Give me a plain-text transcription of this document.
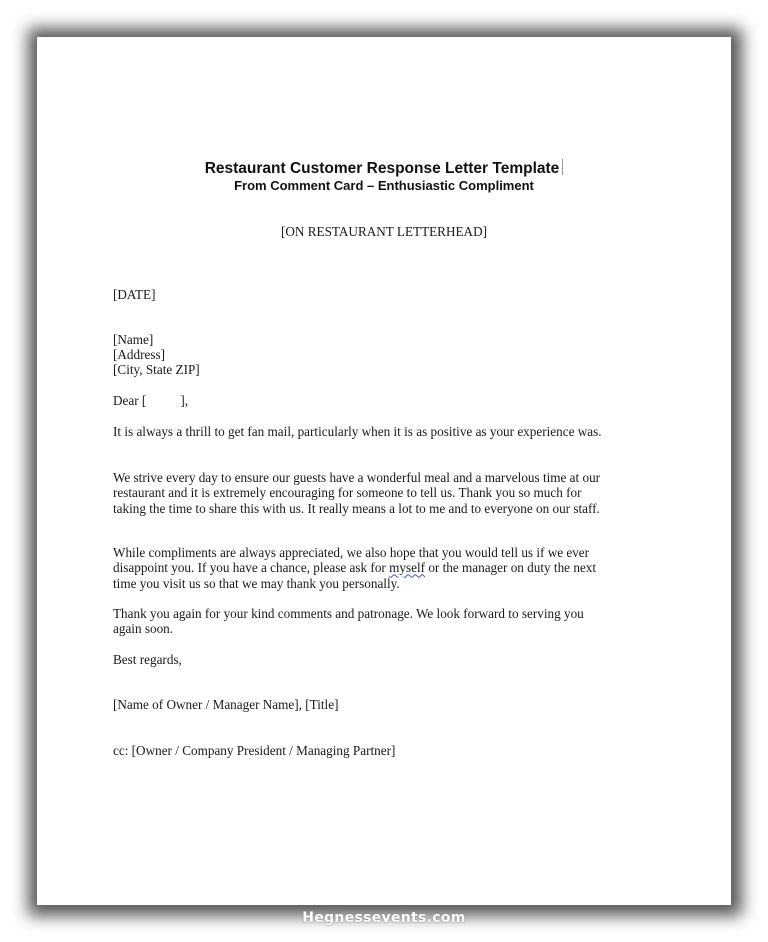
Restaurant Customer Response Letter Template
From Comment Card – Enthusiastic Compliment
[ON RESTAURANT LETTERHEAD]
[DATE]
[Name]
[Address]
[City, State ZIP]
Dear [	],
It is always a thrill to get fan mail, particularly when it is as positive as your experience was.
We strive every day to ensure our guests have a wonderful meal and a marvelous time at our restaurant and it is extremely encouraging for someone to tell us. Thank you so much for taking the time to share this with us. It really means a lot to me and to everyone on our staff.
While compliments are always appreciated, we also hope that you would tell us if we ever disappoint you. If you have a chance, please ask for myself or the manager on duty the next time you visit us so that we may thank you personally.
Thank you again for your kind comments and patronage. We look forward to serving you again soon.
Best regards,
[Name of Owner / Manager Name], [Title]
cc: [Owner / Company President / Managing Partner]
Hegnessevents.com
